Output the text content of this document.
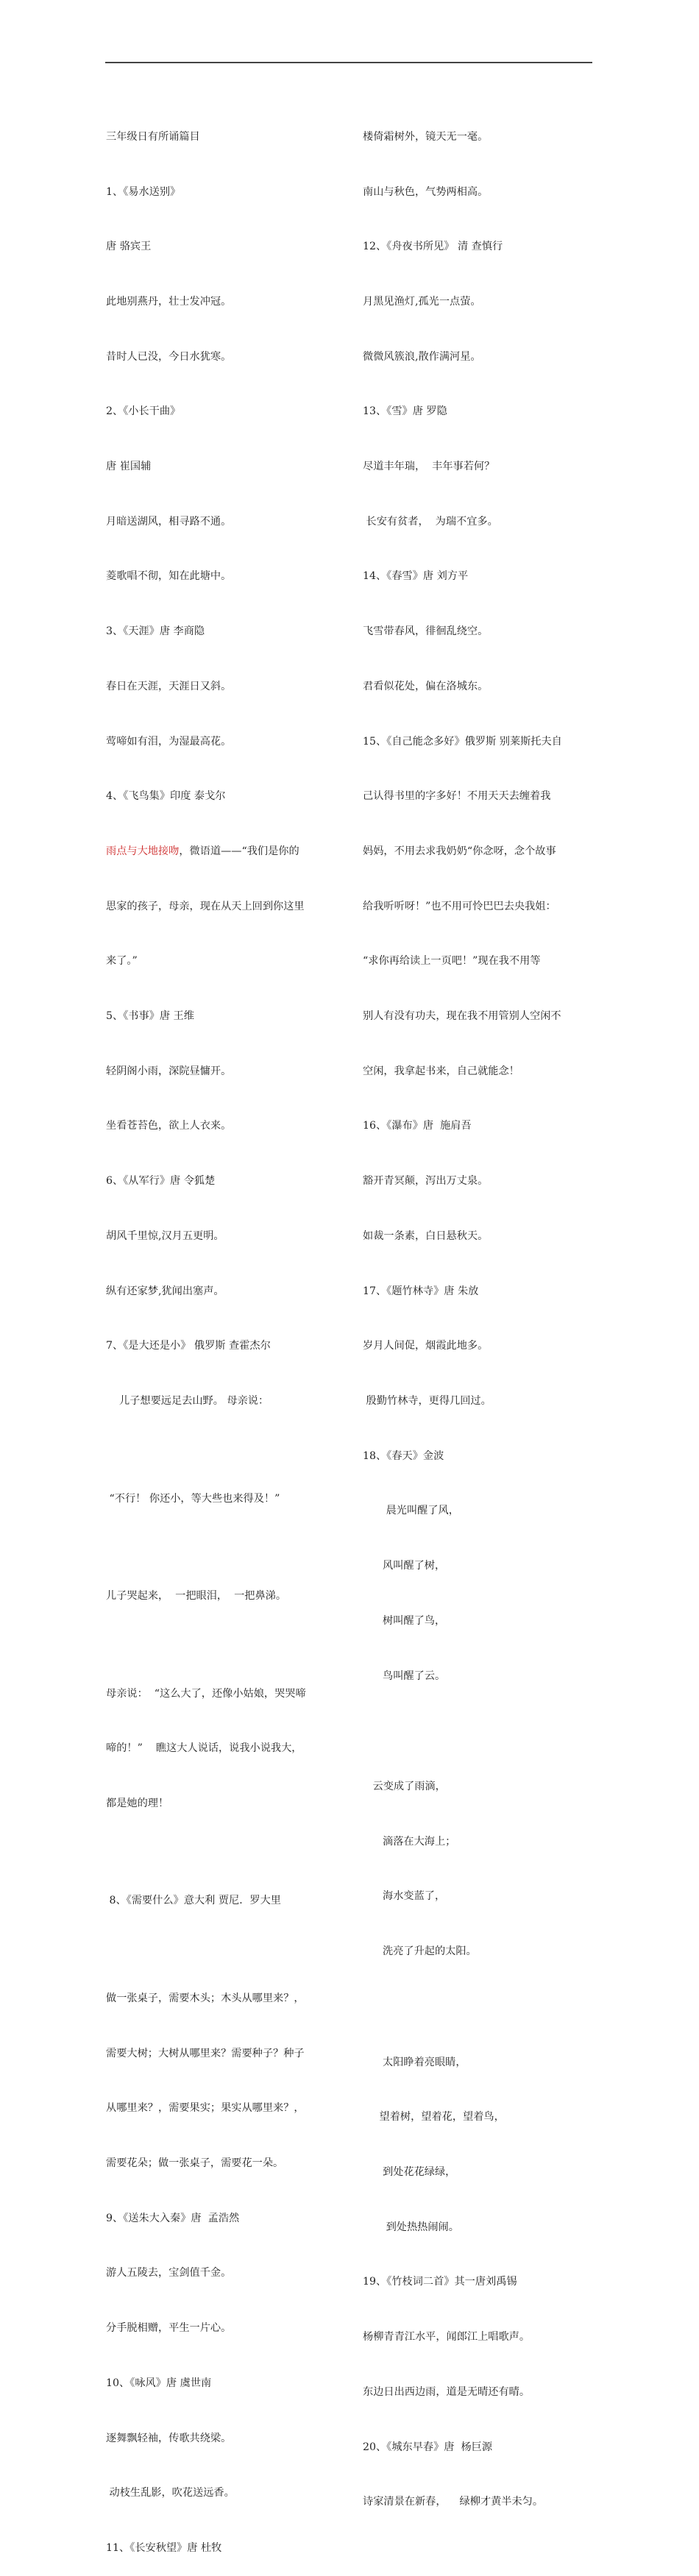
三年级日有所诵篇目

1、《易水送别》

唐 骆宾王

此地别燕丹，壮士发冲冠。

昔时人已没，今日水犹寒。

2、《小长干曲》

唐 崔国辅

月暗送湖风，相寻路不通。

菱歌唱不彻，知在此塘中。

3、《天涯》唐 李商隐

春日在天涯，天涯日又斜。

莺啼如有泪，为湿最高花。

4、《飞鸟集》印度 泰戈尔

雨点与大地接吻，微语道——“我们是你的

思家的孩子，母亲，现在从天上回到你这里

来了。”

5、《书事》唐 王维

轻阴阁小雨，深院昼慵开。

坐看苍苔色，欲上人衣来。

6、《从军行》唐 令狐楚

胡风千里惊,汉月五更明。

纵有还家梦,犹闻出塞声。

7、《是大还是小》 俄罗斯 查霍杰尔

儿子想要远足去山野。 母亲说：

“不行！ 你还小，等大些也来得及！”

儿子哭起来，  一把眼泪，  一把鼻涕。

母亲说：  “这么大了，还像小姑娘，哭哭啼

啼的！”    瞧这大人说话，说我小说我大，

都是她的理！

8、《需要什么》意大利 贾尼．罗大里

做一张桌子，需要木头；木头从哪里来？，

需要大树；大树从哪里来？需要种子？种子

从哪里来？，需要果实；果实从哪里来？，

需要花朵；做一张桌子，需要花一朵。

9、《送朱大入秦》唐  孟浩然

游人五陵去，宝剑值千金。

分手脱相赠，平生一片心。

10、《咏风》唐 虞世南

逐舞飘轻袖，传歌共绕梁。

动枝生乱影，吹花送远香。

11、《长安秋望》唐 杜牧

楼倚霜树外，镜天无一毫。

南山与秋色，气势两相高。

12、《舟夜书所见》 清 查慎行

月黑见渔灯,孤光一点萤。

微微风簇浪,散作满河星。

13、《雪》唐 罗隐

尽道丰年瑞，  丰年事若何？

长安有贫者，  为瑞不宜多。

14、《春雪》唐 刘方平

飞雪带春风，徘徊乱绕空。

君看似花处，偏在洛城东。

15、《自己能念多好》俄罗斯 别莱斯托夫自

己认得书里的字多好！不用天天去缠着我

妈妈，不用去求我奶奶“你念呀，念个故事

给我听听呀！”也不用可怜巴巴去央我姐：

“求你再给读上一页吧！”现在我不用等

别人有没有功夫，现在我不用管别人空闲不

空闲，我拿起书来，自己就能念！

16、《瀑布》唐  施肩吾

豁开青冥颠，泻出万丈泉。

如裁一条素，白日悬秋天。

17、《题竹林寺》唐 朱放

岁月人间促，烟霞此地多。

殷勤竹林寺，更得几回过。

18、《春天》金波

晨光叫醒了风，

风叫醒了树，

树叫醒了鸟，

鸟叫醒了云。

云变成了雨滴，

滴落在大海上；

海水变蓝了，

洗亮了升起的太阳。

太阳睁着亮眼睛，

望着树，望着花，望着鸟，

到处花花绿绿，

到处热热闹闹。

19、《竹枝词二首》其一唐刘禹锡

杨柳青青江水平，闻郎江上唱歌声。

东边日出西边雨，道是无晴还有晴。

20、《城东早春》唐  杨巨源

诗家清景在新春，    绿柳才黄半未匀。
